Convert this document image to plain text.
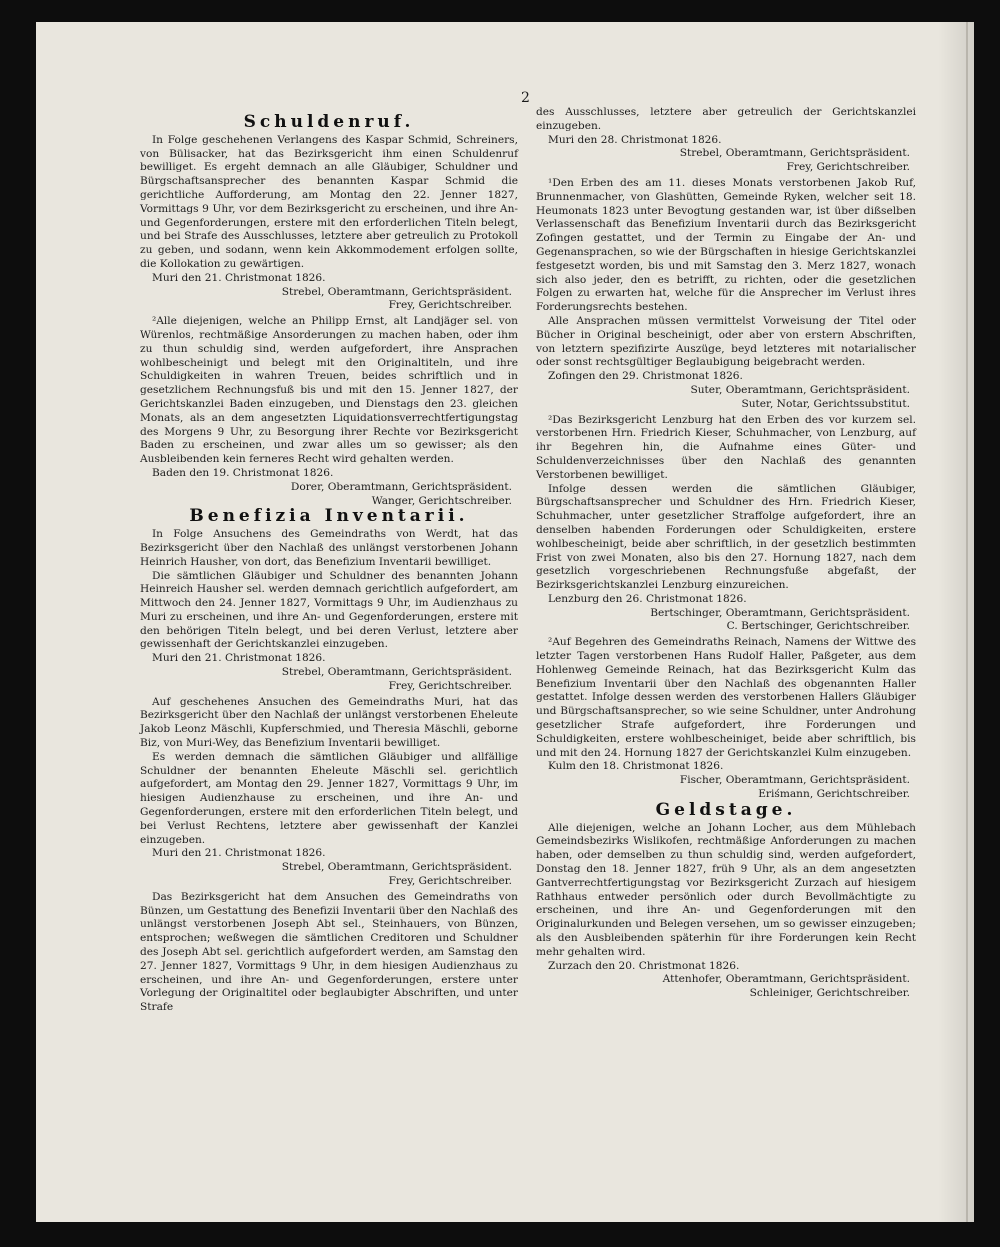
2
Schuldenruf.

In Folge geschehenen Verlangens des Kaspar Schmid, Schreiners, von Bülisacker, hat das Bezirksgericht ihm einen Schuldenruf bewilliget. Es ergeht demnach an alle Gläubiger, Schuldner und Bürgschaftsansprecher des benannten Kaspar Schmid die gerichtliche Aufforderung, am Montag den 22. Jenner 1827, Vormittags 9 Uhr, vor dem Bezirksgericht zu erscheinen, und ihre An- und Gegenforderungen, erstere mit den erforderlichen Titeln belegt, und bei Strafe des Ausschlusses, letztere aber getreulich zu Protokoll zu geben, und sodann, wenn kein Akkommodement erfolgen sollte, die Kollokation zu gewärtigen.

Muri den 21. Christmonat 1826.

Strebel, Oberamtmann, Gerichtspräsident.

Frey, Gerichtschreiber.

²Alle diejenigen, welche an Philipp Ernst, alt Landjäger sel. von Würenlos, rechtmäßige Ansorderungen zu machen haben, oder ihm zu thun schuldig sind, werden aufgefordert, ihre Ansprachen wohlbescheinigt und belegt mit den Originaltiteln, und ihre Schuldigkeiten in wahren Treuen, beides schriftlich und in gesetzlichem Rechnungsfuß bis und mit den 15. Jenner 1827, der Gerichtskanzlei Baden einzugeben, und Dienstags den 23. gleichen Monats, als an dem angesetzten Liquidationsverrechtfertigungstag des Morgens 9 Uhr, zu Besorgung ihrer Rechte vor Bezirksgericht Baden zu erscheinen, und zwar alles um so gewisser; als den Ausbleibenden kein ferneres Recht wird gehalten werden.

Baden den 19. Christmonat 1826.

Dorer, Oberamtmann, Gerichtspräsident.

Wanger, Gerichtschreiber.

Benefizia Inventarii.

In Folge Ansuchens des Gemeindraths von Werdt, hat das Bezirksgericht über den Nachlaß des unlängst verstorbenen Johann Heinrich Hausher, von dort, das Benefizium Inventarii bewilliget.

Die sämtlichen Gläubiger und Schuldner des benannten Johann Heinreich Hausher sel. werden demnach gerichtlich aufgefordert, am Mittwoch den 24. Jenner 1827, Vormittags 9 Uhr, im Audienzhaus zu Muri zu erscheinen, und ihre An- und Gegenforderungen, erstere mit den behörigen Titeln belegt, und bei deren Verlust, letztere aber gewissenhaft der Gerichtskanzlei einzugeben.

Muri den 21. Christmonat 1826.

Strebel, Oberamtmann, Gerichtspräsident.

Frey, Gerichtschreiber.

Auf geschehenes Ansuchen des Gemeindraths Muri, hat das Bezirksgericht über den Nachlaß der unlängst verstorbenen Eheleute Jakob Leonz Mäschli, Kupferschmied, und Theresia Mäschli, geborne Biz, von Muri-Wey, das Benefizium Inventarii bewilliget.

Es werden demnach die sämtlichen Gläubiger und allfällige Schuldner der benannten Eheleute Mäschli sel. gerichtlich aufgefordert, am Montag den 29. Jenner 1827, Vormittags 9 Uhr, im hiesigen Audienzhause zu erscheinen, und ihre An- und Gegenforderungen, erstere mit den erforderlichen Titeln belegt, und bei Verlust Rechtens, letztere aber gewissenhaft der Kanzlei einzugeben.

Muri den 21. Christmonat 1826.

Strebel, Oberamtmann, Gerichtspräsident.

Frey, Gerichtschreiber.

Das Bezirksgericht hat dem Ansuchen des Gemeindraths von Bünzen, um Gestattung des Benefizii Inventarii über den Nachlaß des unlängst verstorbenen Joseph Abt sel., Steinhauers, von Bünzen, entsprochen; weßwegen die sämtlichen Creditoren und Schuldner des Joseph Abt sel. gerichtlich aufgefordert werden, am Samstag den 27. Jenner 1827, Vormittags 9 Uhr, in dem hiesigen Audienzhaus zu erscheinen, und ihre An- und Gegenforderungen, erstere unter Vorlegung der Originaltitel oder beglaubigter Abschriften, und unter Strafe

des Ausschlusses, letztere aber getreulich der Gerichtskanzlei einzugeben.

Muri den 28. Christmonat 1826.

Strebel, Oberamtmann, Gerichtspräsident.

Frey, Gerichtschreiber.

¹Den Erben des am 11. dieses Monats verstorbenen Jakob Ruf, Brunnenmacher, von Glashütten, Gemeinde Ryken, welcher seit 18. Heumonats 1823 unter Bevogtung gestanden war, ist über dißselben Verlassenschaft das Benefizium Inventarii durch das Bezirksgericht Zofingen gestattet, und der Termin zu Eingabe der An- und Gegenansprachen, so wie der Bürgschaften in hiesige Gerichtskanzlei festgesetzt worden, bis und mit Samstag den 3. Merz 1827, wonach sich also jeder, den es betrifft, zu richten, oder die gesetzlichen Folgen zu erwarten hat, welche für die Ansprecher im Verlust ihres Forderungsrechts bestehen.

Alle Ansprachen müssen vermittelst Vorweisung der Titel oder Bücher in Original bescheinigt, oder aber von erstern Abschriften, von letztern spezifizirte Auszüge, beyd letzteres mit notarialischer oder sonst rechtsgültiger Beglaubigung beigebracht werden.

Zofingen den 29. Christmonat 1826.

Suter, Oberamtmann, Gerichtspräsident.

Suter, Notar, Gerichtssubstitut.

²Das Bezirksgericht Lenzburg hat den Erben des vor kurzem sel. verstorbenen Hrn. Friedrich Kieser, Schuhmacher, von Lenzburg, auf ihr Begehren hin, die Aufnahme eines Güter- und Schuldenverzeichnisses über den Nachlaß des genannten Verstorbenen bewilliget.

Infolge dessen werden die sämtlichen Gläubiger, Bürgschaftsansprecher und Schuldner des Hrn. Friedrich Kieser, Schuhmacher, unter gesetzlicher Straffolge aufgefordert, ihre an denselben habenden Forderungen oder Schuldigkeiten, erstere wohlbescheinigt, beide aber schriftlich, in der gesetzlich bestimmten Frist von zwei Monaten, also bis den 27. Hornung 1827, nach dem gesetzlich vorgeschriebenen Rechnungsfuße abgefaßt, der Bezirksgerichtskanzlei Lenzburg einzureichen.

Lenzburg den 26. Christmonat 1826.

Bertschinger, Oberamtmann, Gerichtspräsident.

C. Bertschinger, Gerichtschreiber.

²Auf Begehren des Gemeindraths Reinach, Namens der Wittwe des letzter Tagen verstorbenen Hans Rudolf Haller, Paßgeter, aus dem Hohlenweg Gemeinde Reinach, hat das Bezirksgericht Kulm das Benefizium Inventarii über den Nachlaß des obgenannten Haller gestattet. Infolge dessen werden des verstorbenen Hallers Gläubiger und Bürgschaftsansprecher, so wie seine Schuldner, unter Androhung gesetzlicher Strafe aufgefordert, ihre Forderungen und Schuldigkeiten, erstere wohlbescheiniget, beide aber schriftlich, bis und mit den 24. Hornung 1827 der Gerichtskanzlei Kulm einzugeben.

Kulm den 18. Christmonat 1826.

Fischer, Oberamtmann, Gerichtspräsident.

Eriśmann, Gerichtschreiber.

Geldstage.

Alle diejenigen, welche an Johann Locher, aus dem Mühlebach Gemeindsbezirks Wislikofen, rechtmäßige Anforderungen zu machen haben, oder demselben zu thun schuldig sind, werden aufgefordert, Donstag den 18. Jenner 1827, früh 9 Uhr, als an dem angesetzten Gantverrechtfertigungstag vor Bezirksgericht Zurzach auf hiesigem Rathhaus entweder persönlich oder durch Bevollmächtigte zu erscheinen, und ihre An- und Gegenforderungen mit den Originalurkunden und Belegen versehen, um so gewisser einzugeben; als den Ausbleibenden späterhin für ihre Forderungen kein Recht mehr gehalten wird.

Zurzach den 20. Christmonat 1826.

Attenhofer, Oberamtmann, Gerichtspräsident.

Schleiniger, Gerichtschreiber.
